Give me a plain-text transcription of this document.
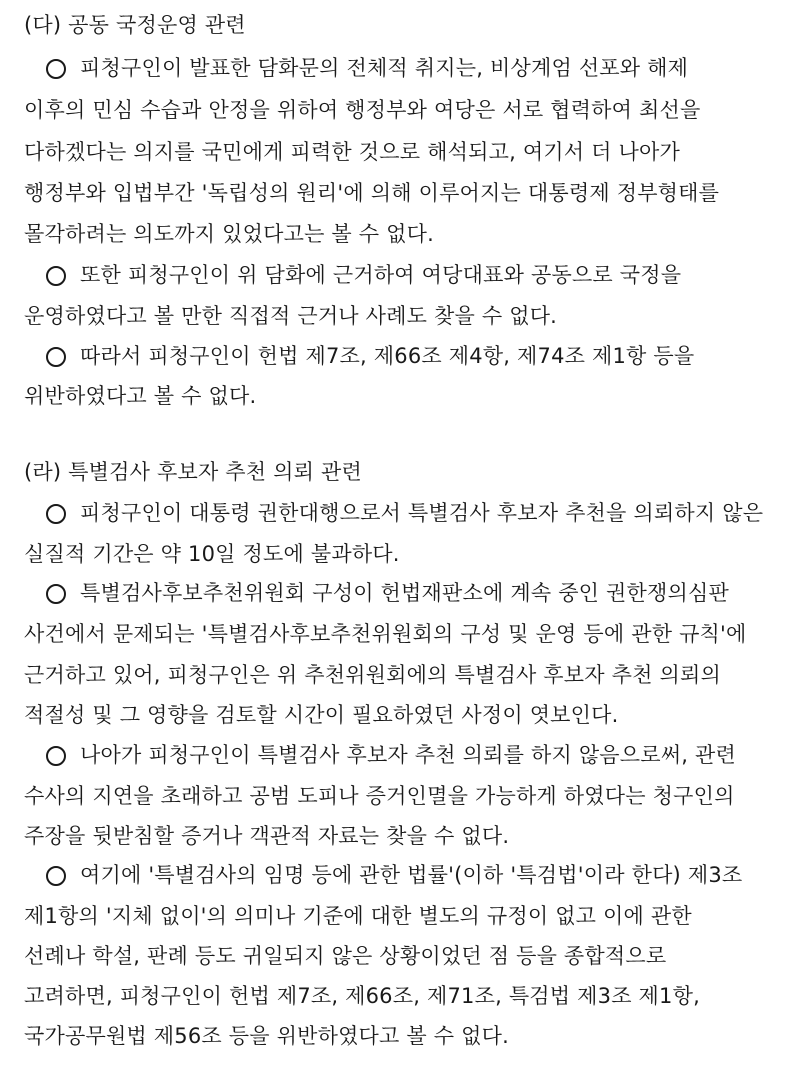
(다) 공동 국정운영 관련
피청구인이 발표한 담화문의 전체적 취지는, 비상계엄 선포와 해제
이후의 민심 수습과 안정을 위하여 행정부와 여당은 서로 협력하여 최선을
다하겠다는 의지를 국민에게 피력한 것으로 해석되고, 여기서 더 나아가
행정부와 입법부간 '독립성의 원리'에 의해 이루어지는 대통령제 정부형태를
몰각하려는 의도까지 있었다고는 볼 수 없다.
또한 피청구인이 위 담화에 근거하여 여당대표와 공동으로 국정을
운영하였다고 볼 만한 직접적 근거나 사례도 찾을 수 없다.
따라서 피청구인이 헌법 제7조, 제66조 제4항, 제74조 제1항 등을
위반하였다고 볼 수 없다.
(라) 특별검사 후보자 추천 의뢰 관련
피청구인이 대통령 권한대행으로서 특별검사 후보자 추천을 의뢰하지 않은
실질적 기간은 약 10일 정도에 불과하다.
특별검사후보추천위원회 구성이 헌법재판소에 계속 중인 권한쟁의심판
사건에서 문제되는 '특별검사후보추천위원회의 구성 및 운영 등에 관한 규칙'에
근거하고 있어, 피청구인은 위 추천위원회에의 특별검사 후보자 추천 의뢰의
적절성 및 그 영향을 검토할 시간이 필요하였던 사정이 엿보인다.
나아가 피청구인이 특별검사 후보자 추천 의뢰를 하지 않음으로써, 관련
수사의 지연을 초래하고 공범 도피나 증거인멸을 가능하게 하였다는 청구인의
주장을 뒷받침할 증거나 객관적 자료는 찾을 수 없다.
여기에 '특별검사의 임명 등에 관한 법률'(이하 '특검법'이라 한다) 제3조
제1항의 '지체 없이'의 의미나 기준에 대한 별도의 규정이 없고 이에 관한
선례나 학설, 판례 등도 귀일되지 않은 상황이었던 점 등을 종합적으로
고려하면, 피청구인이 헌법 제7조, 제66조, 제71조, 특검법 제3조 제1항,
국가공무원법 제56조 등을 위반하였다고 볼 수 없다.
